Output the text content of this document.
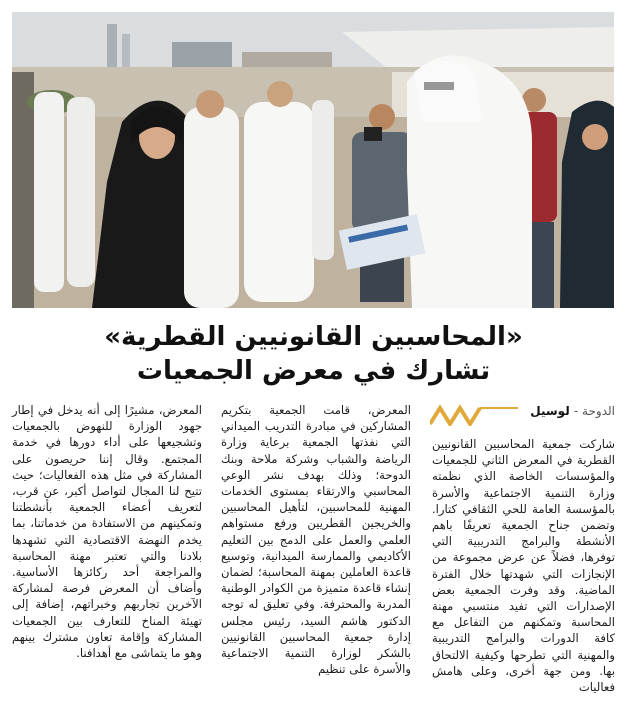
«المحاسبين القانونيين القطرية»

تشارك في معرض الجمعيات

الدوحة - لوسيل

شاركت جمعية المحاسبين القانونيين القطرية في المعرض الثاني للجمعيات والمؤسسات الخاصة الذي نظمته وزارة التنمية الاجتماعية والأسرة بالمؤسسة العامة للحي الثقافي كتارا. وتضمن جناح الجمعية تعريفًا باهم الأنشطة والبرامج التدريبية التي توفرها، فضلاً عن عرض مجموعة من الإنجازات التي شهدتها خلال الفترة الماضية. وقد وفرت الجمعية بعض الإصدارات التي تفيد منتسبي مهنة المحاسبة وتمكنهم من التفاعل مع كافة الدورات والبرامج التدريبية والمهنية التي تطرحها وكيفية الالتحاق بها. ومن جهة أخرى، وعلى هامش فعاليات

المعرض، قامت الجمعية بتكريم المشاركين في مبادرة التدريب الميداني التي نفذتها الجمعية برعاية وزارة الرياضة والشباب وشركة ملاحة وبنك الدوحة؛ وذلك بهدف نشر الوعي المحاسبي والارتقاء بمستوى الخدمات المهنية للمحاسبين، لتأهيل المحاسبين والخريجين القطريين ورفع مستواهم العلمي والعمل على الدمج بين التعليم الأكاديمي والممارسة الميدانية، وتوسيع قاعدة العاملين بمهنة المحاسبة؛ لضمان إنشاء قاعدة متميزة من الكوادر الوطنية المدربة والمحترفة. وفي تعليق له توجه الدكتور هاشم السيد، رئيس مجلس إدارة جمعية المحاسبين القانونيين بالشكر لوزارة التنمية الاجتماعية والأسرة على تنظيم

المعرض، مشيرًا إلى أنه يدخل في إطار جهود الوزارة للنهوض بالجمعيات وتشجيعها على أداء دورها في خدمة المجتمع. وقال إننا حريصون على المشاركة في مثل هذه الفعاليات؛ حيث تتيح لنا المجال لتواصل أكبر، عن قرب، لتعريف أعضاء الجمعية بأنشطتنا وتمكينهم من الاستفادة من خدماتنا، بما يخدم النهضة الاقتصادية التي تشهدها بلادنا والتي تعتبر مهنة المحاسبة والمراجعة أحد ركائزها الأساسية. وأضاف أن المعرض فرصة لمشاركة الآخرين تجاربهم وخبراتهم، إضافة إلى تهيئة المناخ للتعارف بين الجمعيات المشاركة وإقامة تعاون مشترك بينهم وهو ما يتماشى مع أهدافنا.
